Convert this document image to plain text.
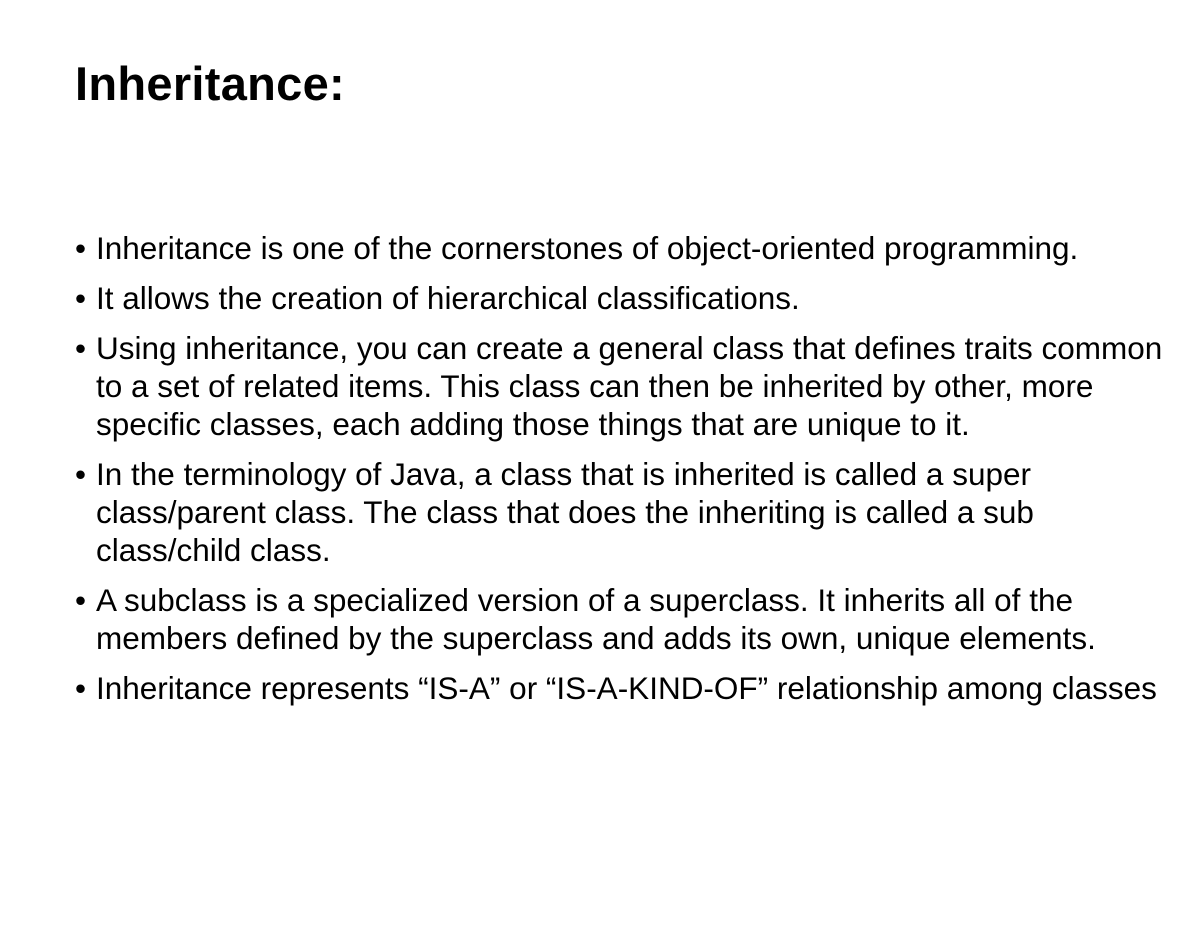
Inheritance:
• Inheritance is one of the cornerstones of object-oriented programming.
• It allows the creation of hierarchical classifications.
• Using inheritance, you can create a general class that defines traits common to a set of related items. This class can then be inherited by other, more specific classes, each adding those things that are unique to it.
• In the terminology of Java, a class that is inherited is called a super class/parent class. The class that does the inheriting is called a sub class/child class.
• A subclass is a specialized version of a superclass. It inherits all of the members defined by the superclass and adds its own, unique elements.
• Inheritance represents “IS-A” or “IS-A-KIND-OF” relationship among classes
